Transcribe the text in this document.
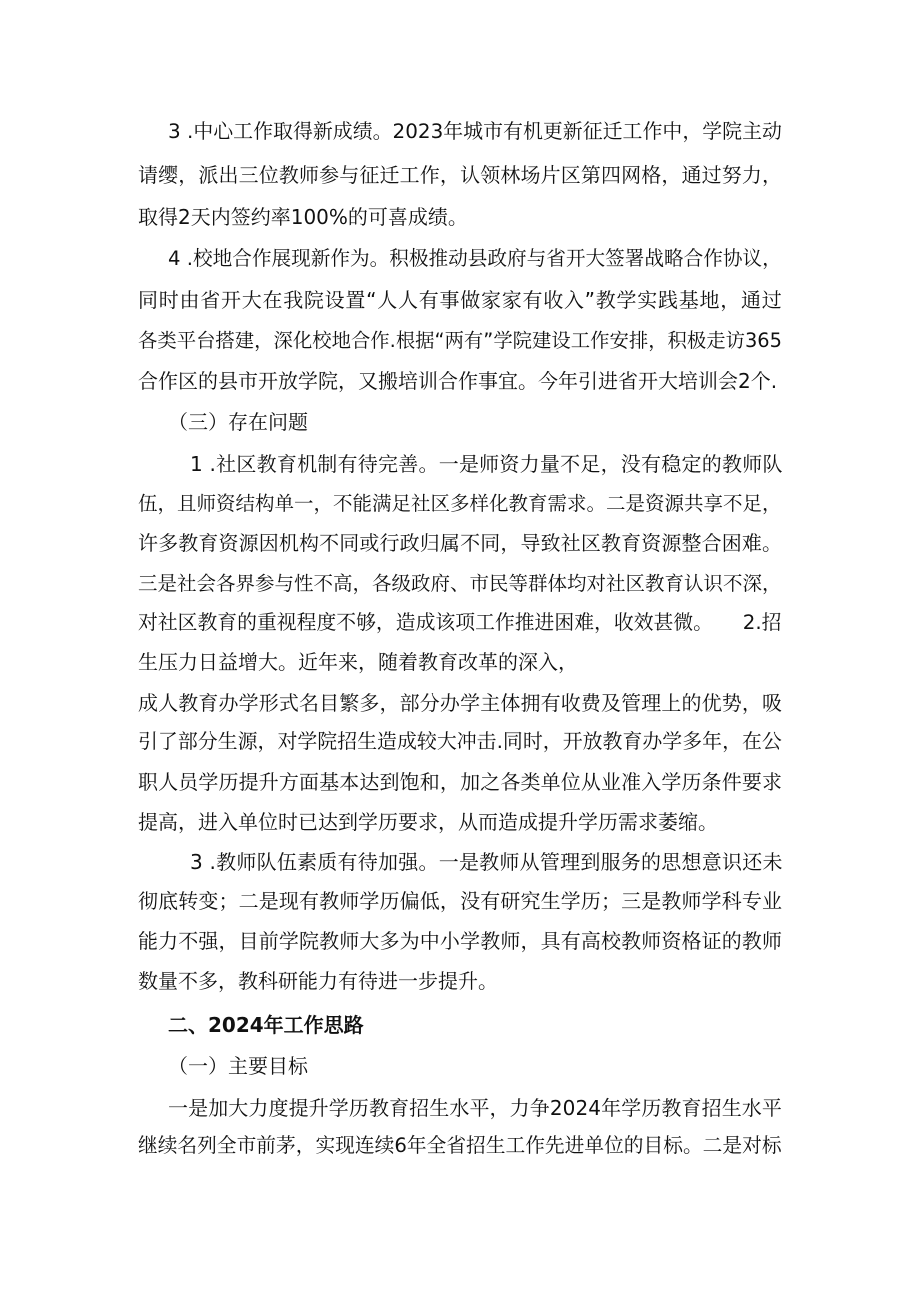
3 .中心工作取得新成绩。2023年城市有机更新征迁工作中，学院主动
请缨，派出三位教师参与征迁工作，认领林场片区第四网格，通过努力，
取得2天内签约率100%的可喜成绩。
4 .校地合作展现新作为。积极推动县政府与省开大签署战略合作协议，
同时由省开大在我院设置“人人有事做家家有收入”教学实践基地，通过
各类平台搭建，深化校地合作.根据“两有”学院建设工作安排，积极走访365
合作区的县市开放学院，又搬培训合作事宜。今年引进省开大培训会2个.
（三）存在问题
1 .社区教育机制有待完善。一是师资力量不足，没有稳定的教师队
伍，且师资结构单一，不能满足社区多样化教育需求。二是资源共享不足，
许多教育资源因机构不同或行政归属不同，导致社区教育资源整合困难。
三是社会各界参与性不高，各级政府、市民等群体均对社区教育认识不深，
对社区教育的重视程度不够，造成该项工作推进困难，收效甚微。　　2.招
生压力日益增大。近年来，随着教育改革的深入，
成人教育办学形式名目繁多，部分办学主体拥有收费及管理上的优势，吸
引了部分生源，对学院招生造成较大冲击.同时，开放教育办学多年，在公
职人员学历提升方面基本达到饱和，加之各类单位从业准入学历条件要求
提高，进入单位时已达到学历要求，从而造成提升学历需求萎缩。
3 .教师队伍素质有待加强。一是教师从管理到服务的思想意识还未
彻底转变；二是现有教师学历偏低，没有研究生学历；三是教师学科专业
能力不强，目前学院教师大多为中小学教师，具有高校教师资格证的教师
数量不多，教科研能力有待进一步提升。
二、2024年工作思路
（一）主要目标
一是加大力度提升学历教育招生水平，力争2024年学历教育招生水平
继续名列全市前茅，实现连续6年全省招生工作先进单位的目标。二是对标
